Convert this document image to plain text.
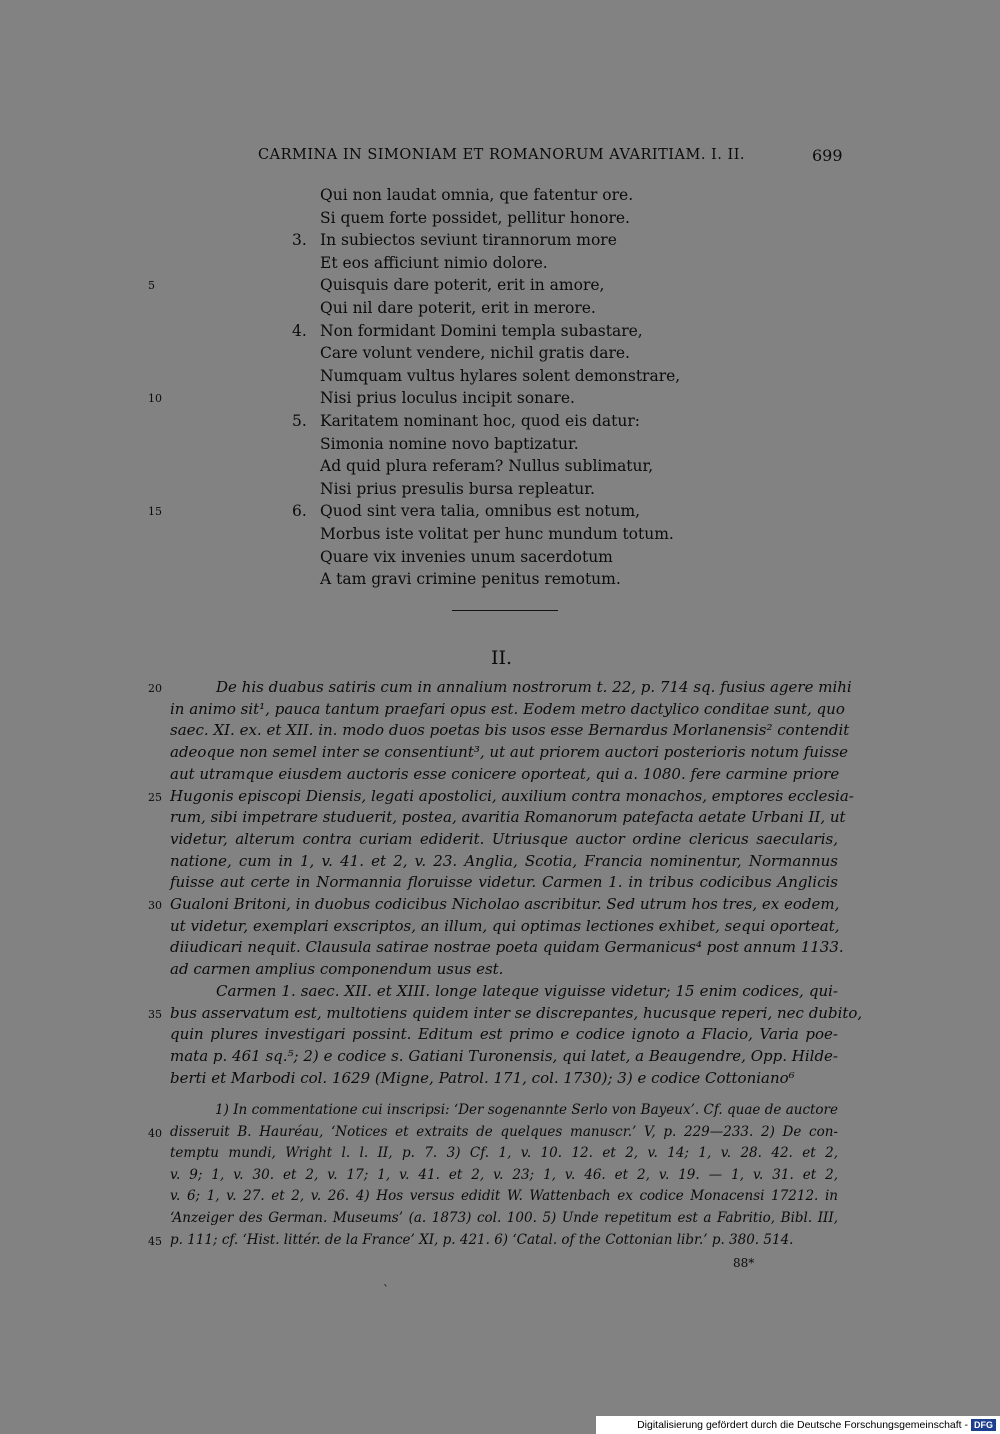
CARMINA IN SIMONIAM ET ROMANORUM AVARITIAM. I. II.	699
Qui non laudat omnia, que fatentur ore.
Si quem forte possidet, pellitur honore.
3. In subiectos seviunt tirannorum more
Et eos afficiunt nimio dolore.
Quisquis dare poterit, erit in amore,
Qui nil dare poterit, erit in merore.
4. Non formidant Domini templa subastare,
Care volunt vendere, nichil gratis dare.
Numquam vultus hylares solent demonstrare,
Nisi prius loculus incipit sonare.
5. Karitatem nominant hoc, quod eis datur:
Simonia nomine novo baptizatur.
Ad quid plura referam? Nullus sublimatur,
Nisi prius presulis bursa repleatur.
6. Quod sint vera talia, omnibus est notum,
Morbus iste volitat per hunc mundum totum.
Quare vix invenies unum sacerdotum
A tam gravi crimine penitus remotum.
5
10
15
II.
De his duabus satiris cum in annalium nostrorum t. 22, p. 714 sq. fusius agere mihi
in animo sit¹, pauca tantum praefari opus est. Eodem metro dactylico conditae sunt, quo
saec. XI. ex. et XII. in. modo duos poetas bis usos esse Bernardus Morlanensis² contendit
adeoque non semel inter se consentiunt³, ut aut priorem auctori posterioris notum fuisse
aut utramque eiusdem auctoris esse conicere oporteat, qui a. 1080. fere carmine priore
Hugonis episcopi Diensis, legati apostolici, auxilium contra monachos, emptores ecclesia-
rum, sibi impetrare studuerit, postea, avaritia Romanorum patefacta aetate Urbani II, ut
videtur, alterum contra curiam ediderit. Utriusque auctor ordine clericus saecularis,
natione, cum in 1, v. 41. et 2, v. 23. Anglia, Scotia, Francia nominentur, Normannus
fuisse aut certe in Normannia floruisse videtur. Carmen 1. in tribus codicibus Anglicis
Gualoni Britoni, in duobus codicibus Nicholao ascribitur. Sed utrum hos tres, ex eodem,
ut videtur, exemplari exscriptos, an illum, qui optimas lectiones exhibet, sequi oporteat,
diiudicari nequit. Clausula satirae nostrae poeta quidam Germanicus⁴ post annum 1133.
ad carmen amplius componendum usus est.
Carmen 1. saec. XII. et XIII. longe lateque viguisse videtur; 15 enim codices, qui-
bus asservatum est, multotiens quidem inter se discrepantes, hucusque reperi, nec dubito,
quin plures investigari possint. Editum est primo e codice ignoto a Flacio, Varia poe-
mata p. 461 sq.⁵; 2) e codice s. Gatiani Turonensis, qui latet, a Beaugendre, Opp. Hilde-
berti et Marbodi col. 1629 (Migne, Patrol. 171, col. 1730); 3) e codice Cottoniano⁶
20
25
30
35
1) In commentatione cui inscripsi: ‘Der sogenannte Serlo von Bayeux’. Cf. quae de auctore
disseruit B. Hauréau, ‘Notices et extraits de quelques manuscr.’ V, p. 229—233. 2) De con-
temptu mundi, Wright l. l. II, p. 7. 3) Cf. 1, v. 10. 12. et 2, v. 14; 1, v. 28. 42. et 2,
v. 9; 1, v. 30. et 2, v. 17; 1, v. 41. et 2, v. 23; 1, v. 46. et 2, v. 19. — 1, v. 31. et 2,
v. 6; 1, v. 27. et 2, v. 26. 4) Hos versus edidit W. Wattenbach ex codice Monacensi 17212. in
‘Anzeiger des German. Museums’ (a. 1873) col. 100. 5) Unde repetitum est a Fabritio, Bibl. III,
p. 111; cf. ‘Hist. littér. de la France’ XI, p. 421. 6) ‘Catal. of the Cottonian libr.’ p. 380. 514.
40
45
88*
`
Digitalisierung gefördert durch die Deutsche Forschungsgemeinschaft - DFG
